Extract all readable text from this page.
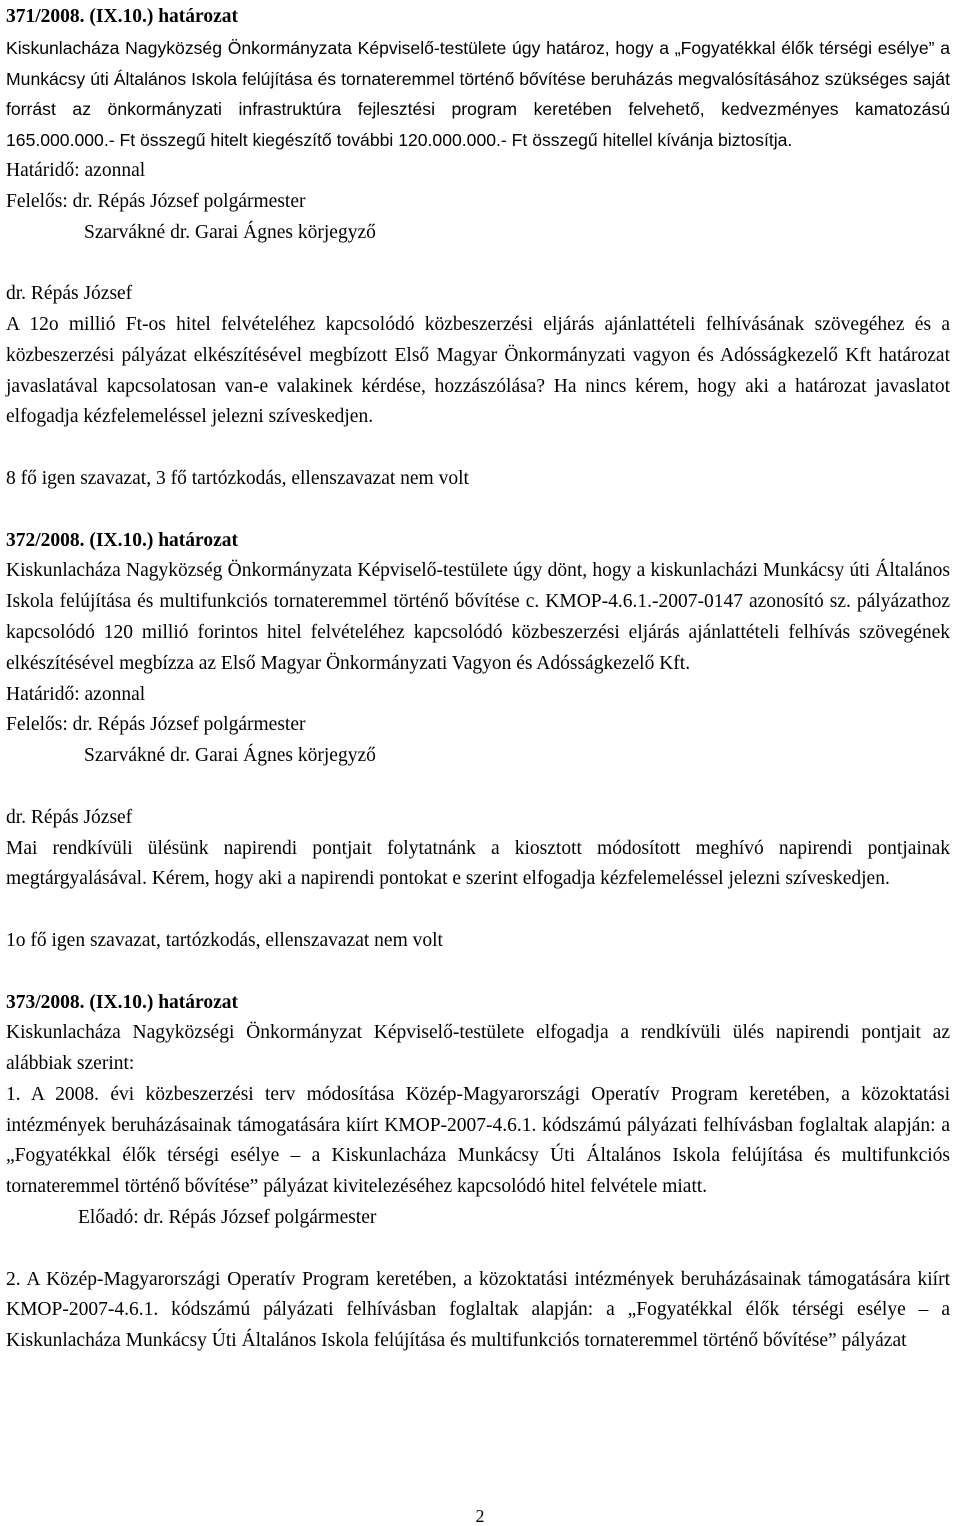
371/2008. (IX.10.) határozat

Kiskunlacháza Nagyközség Önkormányzata Képviselő-testülete úgy határoz, hogy a „Fogyatékkal élők térségi esélye” a Munkácsy úti Általános Iskola felújítása és tornateremmel történő bővítése beruházás megvalósításához szükséges saját forrást az önkormányzati infrastruktúra fejlesztési program keretében felvehető, kedvezményes kamatozású 165.000.000.- Ft összegű hitelt kiegészítő további 120.000.000.- Ft összegű hitellel kívánja biztosítja.

Határidő: azonnal

Felelős: dr. Répás József polgármester

Szarvákné dr. Garai Ágnes körjegyző

dr. Répás József

A 12o millió Ft-os hitel felvételéhez kapcsolódó közbeszerzési eljárás ajánlattételi felhívásának szövegéhez és a közbeszerzési pályázat elkészítésével megbízott Első Magyar Önkormányzati vagyon és Adósságkezelő Kft határozat javaslatával kapcsolatosan van-e valakinek kérdése, hozzászólása? Ha nincs kérem, hogy aki a határozat javaslatot elfogadja kézfelemeléssel jelezni szíveskedjen.

8 fő igen szavazat, 3 fő tartózkodás, ellenszavazat nem volt

372/2008. (IX.10.) határozat

Kiskunlacháza Nagyközség Önkormányzata Képviselő-testülete úgy dönt, hogy a kiskunlacházi Munkácsy úti Általános Iskola felújítása és multifunkciós tornateremmel történő bővítése c. KMOP-4.6.1.-2007-0147 azonosító sz. pályázathoz kapcsolódó 120 millió forintos hitel felvételéhez kapcsolódó közbeszerzési eljárás ajánlattételi felhívás szövegének elkészítésével megbízza az Első Magyar Önkormányzati Vagyon és Adósságkezelő Kft.

Határidő: azonnal

Felelős: dr. Répás József polgármester

Szarvákné dr. Garai Ágnes körjegyző

dr. Répás József

Mai rendkívüli ülésünk napirendi pontjait folytatnánk a kiosztott módosított meghívó napirendi pontjainak megtárgyalásával. Kérem, hogy aki a napirendi pontokat e szerint elfogadja kézfelemeléssel jelezni szíveskedjen.

1o fő igen szavazat, tartózkodás, ellenszavazat nem volt

373/2008. (IX.10.) határozat

Kiskunlacháza Nagyközségi Önkormányzat Képviselő-testülete elfogadja a rendkívüli ülés napirendi pontjait az alábbiak szerint:

1. A 2008. évi közbeszerzési terv módosítása Közép-Magyarországi Operatív Program keretében, a közoktatási intézmények beruházásainak támogatására kiírt KMOP-2007-4.6.1. kódszámú pályázati felhívásban foglaltak alapján: a „Fogyatékkal élők térségi esélye – a Kiskunlacháza Munkácsy Úti Általános Iskola felújítása és multifunkciós tornateremmel történő bővítése” pályázat kivitelezéséhez kapcsolódó hitel felvétele miatt.

Előadó: dr. Répás József polgármester

2. A Közép-Magyarországi Operatív Program keretében, a közoktatási intézmények beruházásainak támogatására kiírt KMOP-2007-4.6.1. kódszámú pályázati felhívásban foglaltak alapján: a „Fogyatékkal élők térségi esélye – a Kiskunlacháza Munkácsy Úti Általános Iskola felújítása és multifunkciós tornateremmel történő bővítése” pályázat

2
